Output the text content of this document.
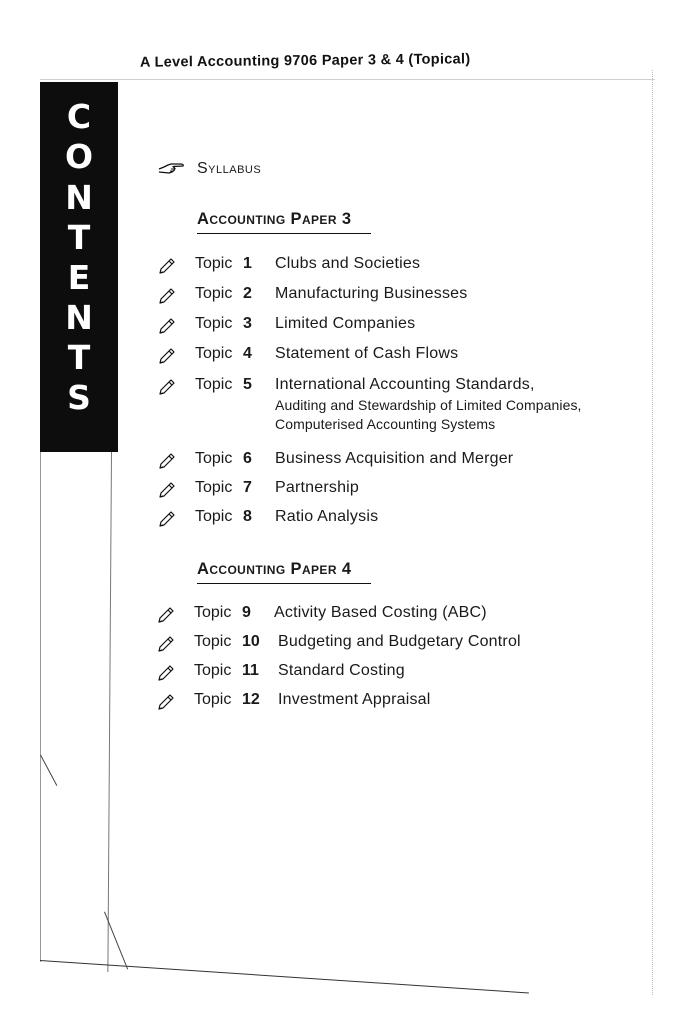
A Level Accounting 9706 Paper 3 & 4 (Topical)
C
O
N
T
E
N
T
S
Syllabus
Accounting Paper 3
Topic 1	Clubs and Societies
Topic 2	Manufacturing Businesses
Topic 3	Limited Companies
Topic 4	Statement of Cash Flows
Topic 5	International Accounting Standards,
Auditing and Stewardship of Limited Companies,
Computerised Accounting Systems
Topic 6	Business Acquisition and Merger
Topic 7	Partnership
Topic 8	Ratio Analysis
Accounting Paper 4
Topic 9	Activity Based Costing (ABC)
Topic 10	Budgeting and Budgetary Control
Topic 11	Standard Costing
Topic 12	Investment Appraisal
